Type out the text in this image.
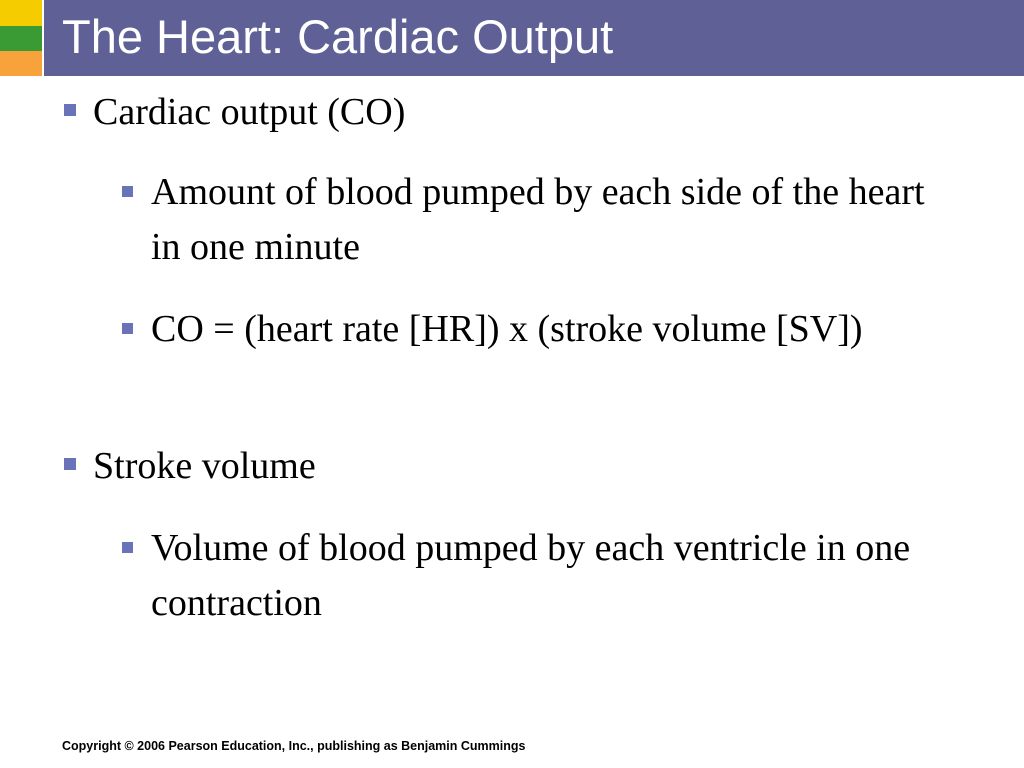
The Heart: Cardiac Output
Cardiac output (CO)
Amount of blood pumped by each side of the heart in one minute
CO = (heart rate [HR]) x (stroke volume [SV])
Stroke volume
Volume of blood pumped by each ventricle in one contraction
Copyright © 2006 Pearson Education, Inc., publishing as Benjamin Cummings
